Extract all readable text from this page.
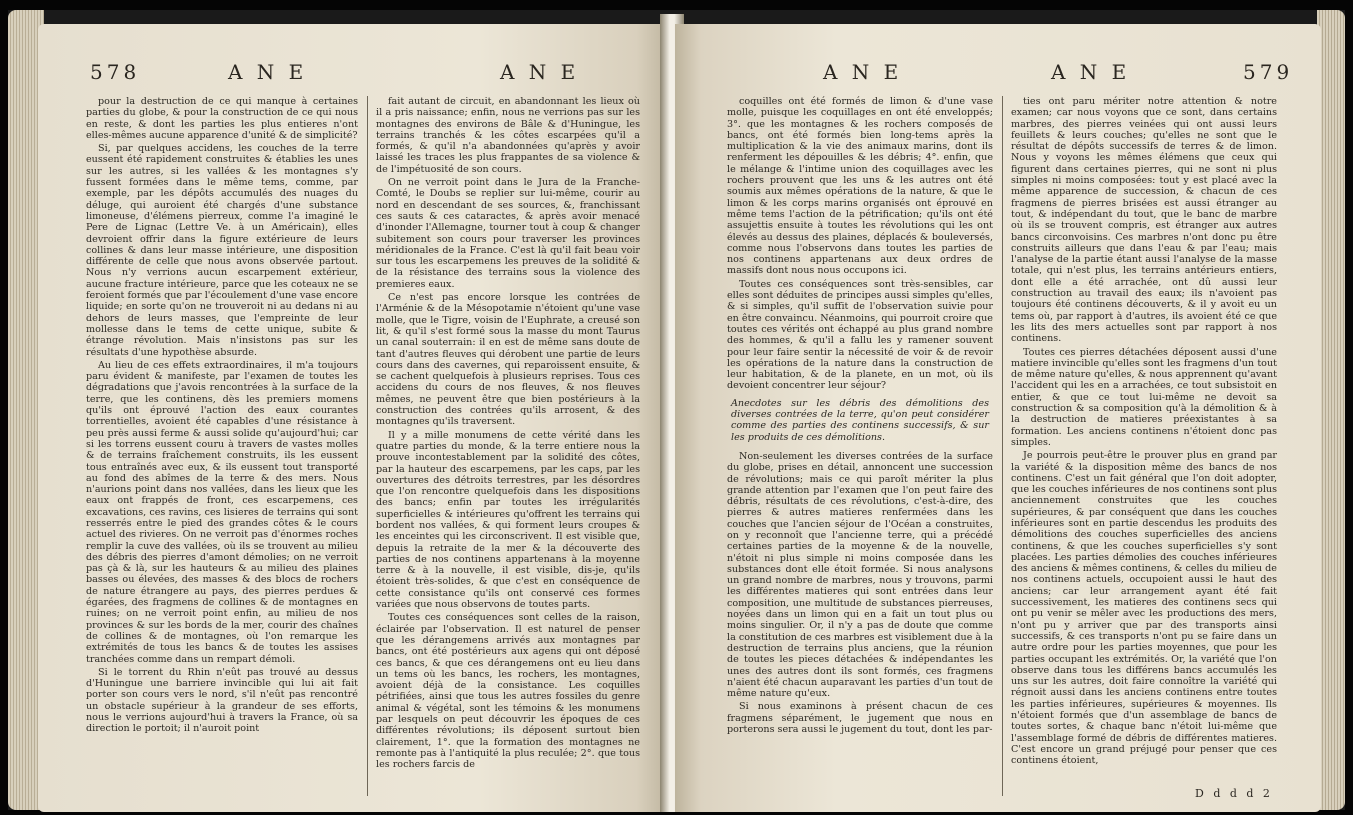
578	A N E	A N E

pour la destruction de ce qui manque à certaines parties du globe, & pour la construction de ce qui nous en reste, & dont les parties les plus entieres n'ont elles-mêmes aucune apparence d'unité & de simplicité?

Si, par quelques accidens, les couches de la terre eussent été rapidement construites & établies les unes sur les autres, si les vallées & les montagnes s'y fussent formées dans le même tems, comme, par exemple, par les dépôts accumulés des nuages du déluge, qui auroient été chargés d'une substance limoneuse, d'élémens pierreux, comme l'a imaginé le Pere de Lignac (Lettre Ve. à un Américain), elles devroient offrir dans la figure extérieure de leurs collines & dans leur masse intérieure, une disposition différente de celle que nous avons observée partout. Nous n'y verrions aucun escarpement extérieur, aucune fracture intérieure, parce que les coteaux ne se feroient formés que par l'écoulement d'une vase encore liquide; en sorte qu'on ne trouveroit ni au dedans ni au dehors de leurs masses, que l'empreinte de leur mollesse dans le tems de cette unique, subite & étrange révolution. Mais n'insistons pas sur les résultats d'une hypothèse absurde.

Au lieu de ces effets extraordinaires, il m'a toujours paru évident & manifeste, par l'examen de toutes les dégradations que j'avois rencontrées à la surface de la terre, que les continens, dès les premiers momens qu'ils ont éprouvé l'action des eaux courantes torrentielles, avoient été capables d'une résistance à peu près aussi ferme & aussi solide qu'aujourd'hui; car si les torrens eussent couru à travers de vastes molles & de terrains fraîchement construits, ils les eussent tous entraînés avec eux, & ils eussent tout transporté au fond des abîmes de la terre & des mers. Nous n'aurions point dans nos vallées, dans les lieux que les eaux ont frappés de front, ces escarpemens, ces excavations, ces ravins, ces lisieres de terrains qui sont resserrés entre le pied des grandes côtes & le cours actuel des rivieres. On ne verroit pas d'énormes roches remplir la cuve des vallées, où ils se trouvent au milieu des débris des pierres d'amont démolies; on ne verroit pas çà & là, sur les hauteurs & au milieu des plaines basses ou élevées, des masses & des blocs de rochers de nature étrangere au pays, des pierres perdues & égarées, des fragmens de collines & de montagnes en ruines; on ne verroit point enfin, au milieu de nos provinces & sur les bords de la mer, courir des chaînes de collines & de montagnes, où l'on remarque les extrémités de tous les bancs & de toutes les assises tranchées comme dans un rempart démoli.

Si le torrent du Rhin n'eût pas trouvé au dessus d'Huningue une barriere invincible qui lui ait fait porter son cours vers le nord, s'il n'eût pas rencontré un obstacle supérieur à la grandeur de ses efforts, nous le verrions aujourd'hui à travers la France, où sa direction le portoit; il n'auroit point

fait autant de circuit, en abandonnant les lieux où il a pris naissance; enfin, nous ne verrions pas sur les montagnes des environs de Bâle & d'Huningue, les terrains tranchés & les côtes escarpées qu'il a formés, & qu'il n'a abandonnées qu'après y avoir laissé les traces les plus frappantes de sa violence & de l'impétuosité de son cours.

On ne verroit point dans le Jura de la Franche-Comté, le Doubs se replier sur lui-même, courir au nord en descendant de ses sources, &, franchissant ces sauts & ces cataractes, & après avoir menacé d'inonder l'Allemagne, tourner tout à coup & changer subitement son cours pour traverser les provinces méridionales de la France. C'est là qu'il fait beau voir sur tous les escarpemens les preuves de la solidité & de la résistance des terrains sous la violence des premieres eaux.

Ce n'est pas encore lorsque les contrées de l'Arménie & de la Mésopotamie n'étoient qu'une vase molle, que le Tigre, voisin de l'Euphrate, a creusé son lit, & qu'il s'est formé sous la masse du mont Taurus un canal souterrain: il en est de même sans doute de tant d'autres fleuves qui dérobent une partie de leurs cours dans des cavernes, qui reparoissent ensuite, & se cachent quelquefois à plusieurs reprises. Tous ces accidens du cours de nos fleuves, & nos fleuves mêmes, ne peuvent être que bien postérieurs à la construction des contrées qu'ils arrosent, & des montagnes qu'ils traversent.

Il y a mille monumens de cette vérité dans les quatre parties du monde, & la terre entiere nous la prouve incontestablement par la solidité des côtes, par la hauteur des escarpemens, par les caps, par les ouvertures des détroits terrestres, par les désordres que l'on rencontre quelquefois dans les dispositions des bancs; enfin par toutes les irrégularités superficielles & intérieures qu'offrent les terrains qui bordent nos vallées, & qui forment leurs croupes & les enceintes qui les circonscrivent. Il est visible que, depuis la retraite de la mer & la découverte des parties de nos continens appartenans à la moyenne terre & à la nouvelle, il est visible, dis-je, qu'ils étoient très-solides, & que c'est en conséquence de cette consistance qu'ils ont conservé ces formes variées que nous observons de toutes parts.

Toutes ces conséquences sont celles de la raison, éclairée par l'observation. Il est naturel de penser que les dérangemens arrivés aux montagnes par bancs, ont été postérieurs aux agens qui ont déposé ces bancs, & que ces dérangemens ont eu lieu dans un tems où les bancs, les rochers, les montagnes, avoient déjà de la consistance. Les coquilles pétrifiées, ainsi que tous les autres fossiles du genre animal & végétal, sont les témoins & les monumens par lesquels on peut découvrir les époques de ces différentes révolutions; ils déposent surtout bien clairement, 1°. que la formation des montagnes ne remonte pas à l'antiquité la plus reculée; 2°. que tous les rochers farcis de

A N E	A N E	579

coquilles ont été formés de limon & d'une vase molle, puisque les coquillages en ont été enveloppés; 3°. que les montagnes & les rochers composés de bancs, ont été formés bien long-tems après la multiplication & la vie des animaux marins, dont ils renferment les dépouilles & les débris; 4°. enfin, que le mélange & l'intime union des coquillages avec les rochers prouvent que les uns & les autres ont été soumis aux mêmes opérations de la nature, & que le limon & les corps marins organisés ont éprouvé en même tems l'action de la pétrification; qu'ils ont été assujettis ensuite à toutes les révolutions qui les ont élevés au dessus des plaines, déplacés & bouleversés, comme nous l'observons dans toutes les parties de nos continens appartenans aux deux ordres de massifs dont nous nous occupons ici.

Toutes ces conséquences sont très-sensibles, car elles sont déduites de principes aussi simples qu'elles, & si simples, qu'il suffit de l'observation suivie pour en être convaincu. Néanmoins, qui pourroit croire que toutes ces vérités ont échappé au plus grand nombre des hommes, & qu'il a fallu les y ramener souvent pour leur faire sentir la nécessité de voir & de revoir les opérations de la nature dans la construction de leur habitation, & de la planete, en un mot, où ils devoient concentrer leur séjour?

Anecdotes sur les débris des démolitions des diverses contrées de la terre, qu'on peut considérer comme des parties des continens successifs, & sur les produits de ces démolitions.

Non-seulement les diverses contrées de la surface du globe, prises en détail, annoncent une succession de révolutions; mais ce qui paroît mériter la plus grande attention par l'examen que l'on peut faire des débris, résultats de ces révolutions, c'est-à-dire, des pierres & autres matieres renfermées dans les couches que l'ancien séjour de l'Océan a construites, on y reconnoît que l'ancienne terre, qui a précédé certaines parties de la moyenne & de la nouvelle, n'étoit ni plus simple ni moins composée dans les substances dont elle étoit formée. Si nous analysons un grand nombre de marbres, nous y trouvons, parmi les différentes matieres qui sont entrées dans leur composition, une multitude de substances pierreuses, noyées dans un limon qui en a fait un tout plus ou moins singulier. Or, il n'y a pas de doute que comme la constitution de ces marbres est visiblement due à la destruction de terrains plus anciens, que la réunion de toutes les pieces détachées & indépendantes les unes des autres dont ils sont formés, ces fragmens n'aient été chacun auparavant les parties d'un tout de même nature qu'eux.

Si nous examinons à présent chacun de ces fragmens séparément, le jugement que nous en porterons sera aussi le jugement du tout, dont les par-

ties ont paru mériter notre attention & notre examen; car nous voyons que ce sont, dans certains marbres, des pierres veinées qui ont aussi leurs feuillets & leurs couches; qu'elles ne sont que le résultat de dépôts successifs de terres & de limon. Nous y voyons les mêmes élémens que ceux qui figurent dans certaines pierres, qui ne sont ni plus simples ni moins composées: tout y est placé avec la même apparence de succession, & chacun de ces fragmens de pierres brisées est aussi étranger au tout, & indépendant du tout, que le banc de marbre où ils se trouvent compris, est étranger aux autres bancs circonvoisins. Ces marbres n'ont donc pu être construits ailleurs que dans l'eau & par l'eau; mais l'analyse de la partie étant aussi l'analyse de la masse totale, qui n'est plus, les terrains antérieurs entiers, dont elle a été arrachée, ont dû aussi leur construction au travail des eaux; ils n'avoient pas toujours été continens découverts, & il y avoit eu un tems où, par rapport à d'autres, ils avoient été ce que les lits des mers actuelles sont par rapport à nos continens.

Toutes ces pierres détachées déposent aussi d'une matiere invincible qu'elles sont les fragmens d'un tout de même nature qu'elles, & nous apprennent qu'avant l'accident qui les en a arrachées, ce tout subsistoit en entier, & que ce tout lui-même ne devoit sa construction & sa composition qu'à la démolition & à la destruction de matieres préexistantes à sa formation. Les anciens continens n'étoient donc pas simples.

Je pourrois peut-être le prouver plus en grand par la variété & la disposition même des bancs de nos continens. C'est un fait général que l'on doit adopter, que les couches inférieures de nos continens sont plus anciennement construites que les couches supérieures, & par conséquent que dans les couches inférieures sont en partie descendus les produits des démolitions des couches superficielles des anciens continens, & que les couches superficielles s'y sont placées. Les parties démolies des couches inférieures des anciens & mêmes continens, & celles du milieu de nos continens actuels, occupoient aussi le haut des anciens; car leur arrangement ayant été fait successivement, les matieres des continens secs qui ont pu venir se mêler avec les productions des mers, n'ont pu y arriver que par des transports ainsi successifs, & ces transports n'ont pu se faire dans un autre ordre pour les parties moyennes, que pour les parties occupant les extrémités. Or, la variété que l'on observe dans tous les différens bancs accumulés les uns sur les autres, doit faire connoître la variété qui régnoit aussi dans les anciens continens entre toutes les parties inférieures, supérieures & moyennes. Ils n'étoient formés que d'un assemblage de bancs de toutes sortes, & chaque banc n'étoit lui-même que l'assemblage formé de débris de différentes matieres. C'est encore un grand préjugé pour penser que ces continens étoient,

D d d d 2
